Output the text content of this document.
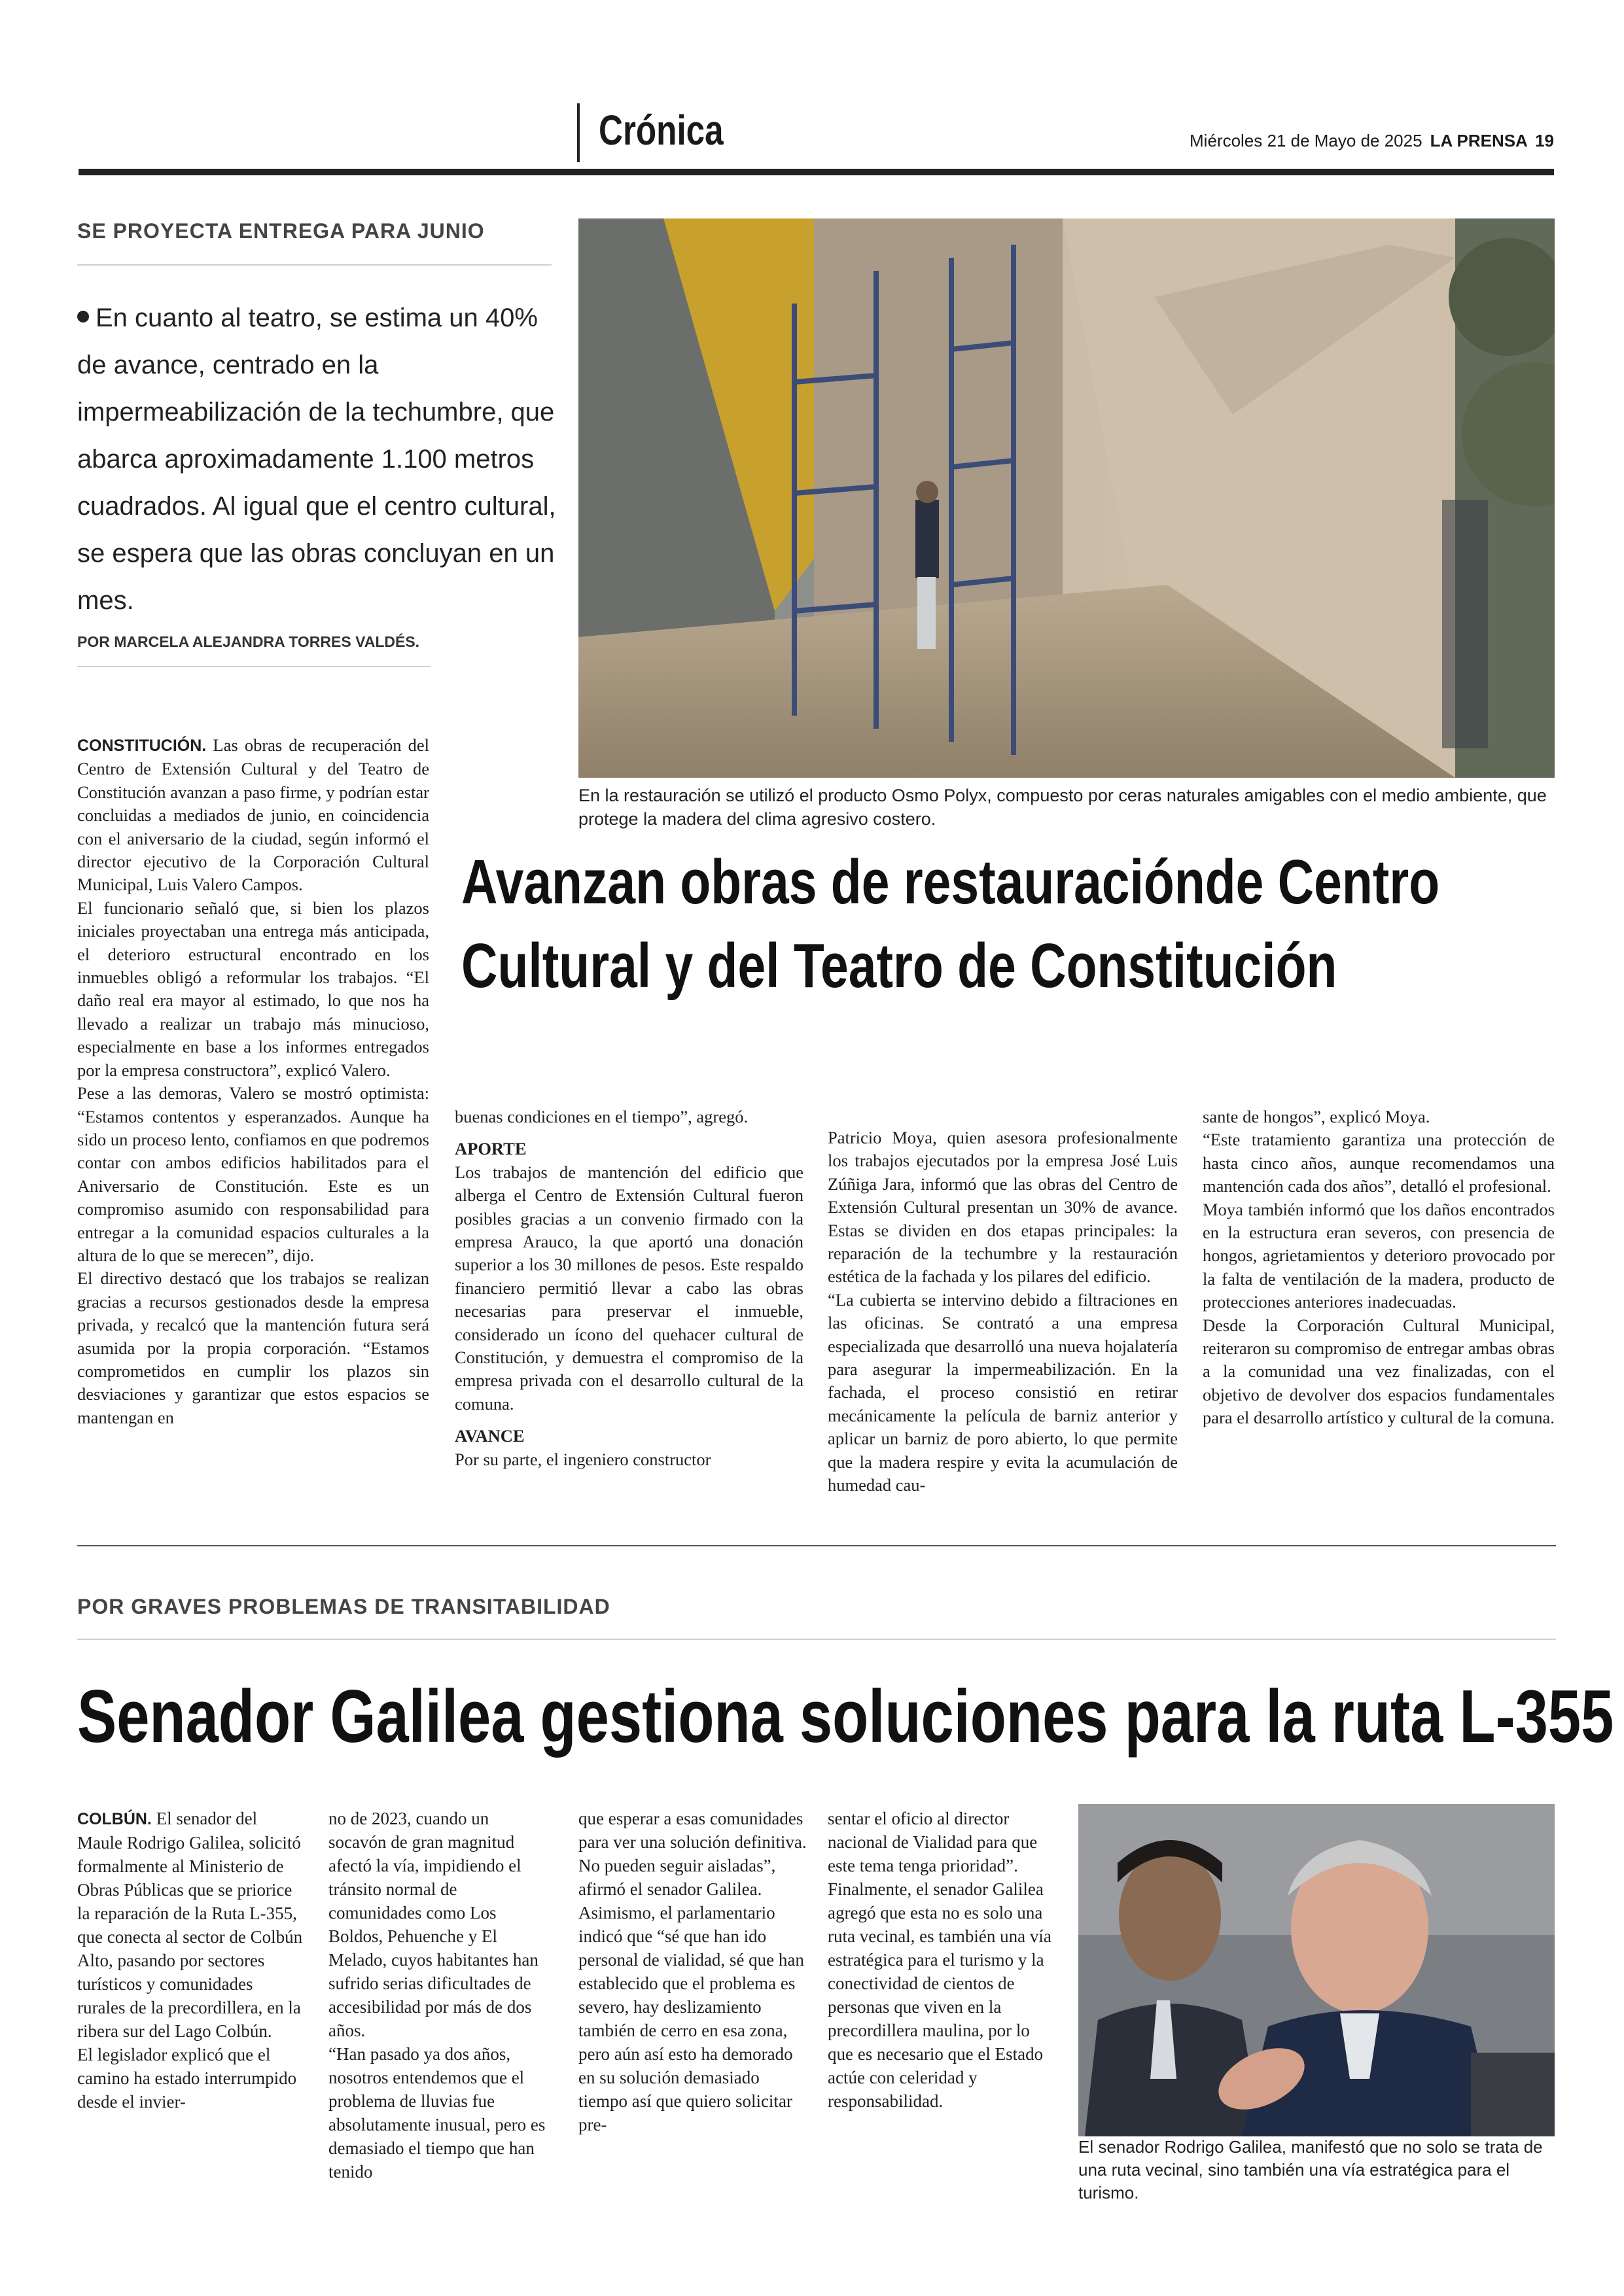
Crónica	Miércoles 21 de Mayo de 2025 LA PRENSA 19
SE PROYECTA ENTREGA PARA JUNIO
En cuanto al teatro, se estima un 40% de avance, centrado en la impermeabilización de la techumbre, que abarca aproximadamente 1.100 metros cuadrados. Al igual que el centro cultural, se espera que las obras concluyan en un mes.
POR MARCELA ALEJANDRA TORRES VALDÉS.
En la restauración se utilizó el producto Osmo Polyx, compuesto por ceras naturales amigables con el medio ambiente, que protege la madera del clima agresivo costero.
Avanzan obras de restauraciónde Centro
Cultural y del Teatro de Constitución

CONSTITUCIÓN. Las obras de recuperación del Centro de Extensión Cultural y del Teatro de Constitución avanzan a paso firme, y podrían estar concluidas a mediados de junio, en coincidencia con el aniversario de la ciudad, según informó el director ejecutivo de la Corporación Cultural Municipal, Luis Valero Campos.

El funcionario señaló que, si bien los plazos iniciales proyectaban una entrega más anticipada, el deterioro estructural encontrado en los inmuebles obligó a reformular los trabajos. “El daño real era mayor al estimado, lo que nos ha llevado a realizar un trabajo más minucioso, especialmente en base a los informes entregados por la empresa constructora”, explicó Valero.

Pese a las demoras, Valero se mostró optimista: “Estamos contentos y esperanzados. Aunque ha sido un proceso lento, confiamos en que podremos contar con ambos edificios habilitados para el Aniversario de Constitución. Este es un compromiso asumido con responsabilidad para entregar a la comunidad espacios culturales a la altura de lo que se merecen”, dijo.

El directivo destacó que los trabajos se realizan gracias a recursos gestionados desde la empresa privada, y recalcó que la mantención futura será asumida por la propia corporación. “Estamos comprometidos en cumplir los plazos sin desviaciones y garantizar que estos espacios se mantengan en

buenas condiciones en el tiempo”, agregó.

APORTE

Los trabajos de mantención del edificio que alberga el Centro de Extensión Cultural fueron posibles gracias a un convenio firmado con la empresa Arauco, la que aportó una donación superior a los 30 millones de pesos. Este respaldo financiero permitió llevar a cabo las obras necesarias para preservar el inmueble, considerado un ícono del quehacer cultural de Constitución, y demuestra el compromiso de la empresa privada con el desarrollo cultural de la comuna.

AVANCE

Por su parte, el ingeniero constructor

Patricio Moya, quien asesora profesionalmente los trabajos ejecutados por la empresa José Luis Zúñiga Jara, informó que las obras del Centro de Extensión Cultural presentan un 30% de avance. Estas se dividen en dos etapas principales: la reparación de la techumbre y la restauración estética de la fachada y los pilares del edificio.

“La cubierta se intervino debido a filtraciones en las oficinas. Se contrató a una empresa especializada que desarrolló una nueva hojalatería para asegurar la impermeabilización. En la fachada, el proceso consistió en retirar mecánicamente la película de barniz anterior y aplicar un barniz de poro abierto, lo que permite que la madera respire y evita la acumulación de humedad cau-

sante de hongos”, explicó Moya.

“Este tratamiento garantiza una protección de hasta cinco años, aunque recomendamos una mantención cada dos años”, detalló el profesional.

Moya también informó que los daños encontrados en la estructura eran severos, con presencia de hongos, agrietamientos y deterioro provocado por la falta de ventilación de la madera, producto de protecciones anteriores inadecuadas.

Desde la Corporación Cultural Municipal, reiteraron su compromiso de entregar ambas obras a la comunidad una vez finalizadas, con el objetivo de devolver dos espacios fundamentales para el desarrollo artístico y cultural de la comuna.

POR GRAVES PROBLEMAS DE TRANSITABILIDAD
Senador Galilea gestiona soluciones para la ruta L-355

COLBÚN. El senador del Maule Rodrigo Galilea, solicitó formalmente al Ministerio de Obras Públicas que se priorice la reparación de la Ruta L-355, que conecta al sector de Colbún Alto, pasando por sectores turísticos y comunidades rurales de la precordillera, en la ribera sur del Lago Colbún.

El legislador explicó que el camino ha estado interrumpido desde el invier-

no de 2023, cuando un socavón de gran magnitud afectó la vía, impidiendo el tránsito normal de comunidades como Los Boldos, Pehuenche y El Melado, cuyos habitantes han sufrido serias dificultades de accesibilidad por más de dos años.

“Han pasado ya dos años, nosotros entendemos que el problema de lluvias fue absolutamente inusual, pero es demasiado el tiempo que han tenido

que esperar a esas comunidades para ver una solución definitiva. No pueden seguir aisladas”, afirmó el senador Galilea.

Asimismo, el parlamentario indicó que “sé que han ido personal de vialidad, sé que han establecido que el problema es severo, hay deslizamiento también de cerro en esa zona, pero aún así esto ha demorado en su solución demasiado tiempo así que quiero solicitar pre-

sentar el oficio al director nacional de Vialidad para que este tema tenga prioridad”.

Finalmente, el senador Galilea agregó que esta no es solo una ruta vecinal, es también una vía estratégica para el turismo y la conectividad de cientos de personas que viven en la precordillera maulina, por lo que es necesario que el Estado actúe con celeridad y responsabilidad.

El senador Rodrigo Galilea, manifestó que no solo se trata de una ruta vecinal, sino también una vía estratégica para el turismo.
